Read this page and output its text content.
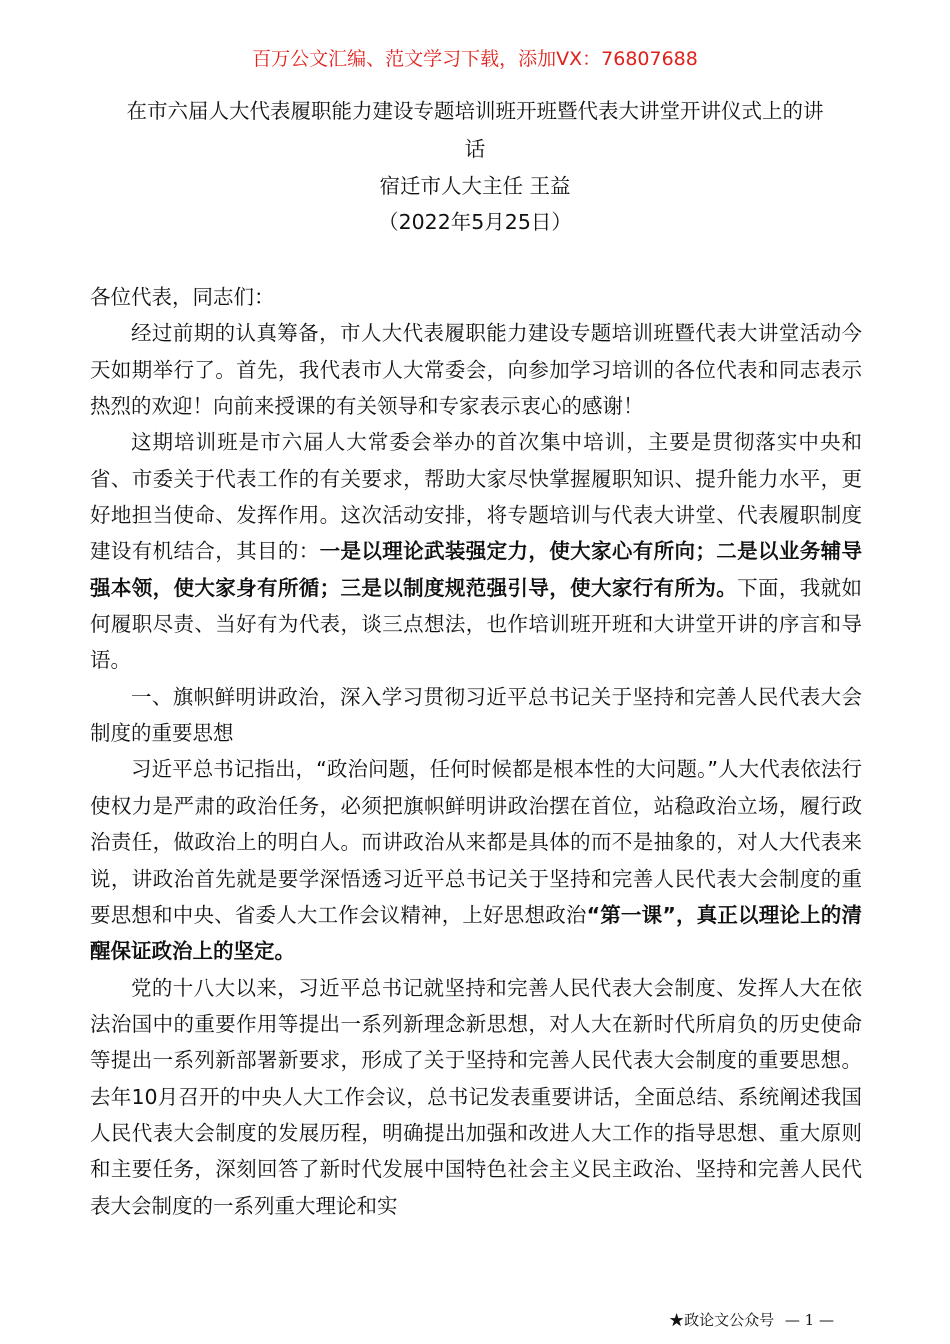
百万公文汇编、范文学习下载，添加VX：76807688
在市六届人大代表履职能力建设专题培训班开班暨代表大讲堂开讲仪式上的讲
话
宿迁市人大主任 王益
（2022年5月25日）

各位代表，同志们：

经过前期的认真筹备，市人大代表履职能力建设专题培训班暨代表大讲堂活动今天如期举行了。首先，我代表市人大常委会，向参加学习培训的各位代表和同志表示热烈的欢迎！向前来授课的有关领导和专家表示衷心的感谢！

这期培训班是市六届人大常委会举办的首次集中培训，主要是贯彻落实中央和省、市委关于代表工作的有关要求，帮助大家尽快掌握履职知识、提升能力水平，更好地担当使命、发挥作用。这次活动安排，将专题培训与代表大讲堂、代表履职制度建设有机结合，其目的：一是以理论武装强定力，使大家心有所向；二是以业务辅导强本领，使大家身有所循；三是以制度规范强引导，使大家行有所为。下面，我就如何履职尽责、当好有为代表，谈三点想法，也作培训班开班和大讲堂开讲的序言和导语。

一、旗帜鲜明讲政治，深入学习贯彻习近平总书记关于坚持和完善人民代表大会制度的重要思想

习近平总书记指出，“政治问题，任何时候都是根本性的大问题。”人大代表依法行使权力是严肃的政治任务，必须把旗帜鲜明讲政治摆在首位，站稳政治立场，履行政治责任，做政治上的明白人。而讲政治从来都是具体的而不是抽象的，对人大代表来说，讲政治首先就是要学深悟透习近平总书记关于坚持和完善人民代表大会制度的重要思想和中央、省委人大工作会议精神，上好思想政治“第一课”，真正以理论上的清醒保证政治上的坚定。

党的十八大以来，习近平总书记就坚持和完善人民代表大会制度、发挥人大在依法治国中的重要作用等提出一系列新理念新思想，对人大在新时代所肩负的历史使命等提出一系列新部署新要求，形成了关于坚持和完善人民代表大会制度的重要思想。去年10月召开的中央人大工作会议，总书记发表重要讲话，全面总结、系统阐述我国人民代表大会制度的发展历程，明确提出加强和改进人大工作的指导思想、重大原则和主要任务，深刻回答了新时代发展中国特色社会主义民主政治、坚持和完善人民代表大会制度的一系列重大理论和实

★政论文公众号 — 1 —
